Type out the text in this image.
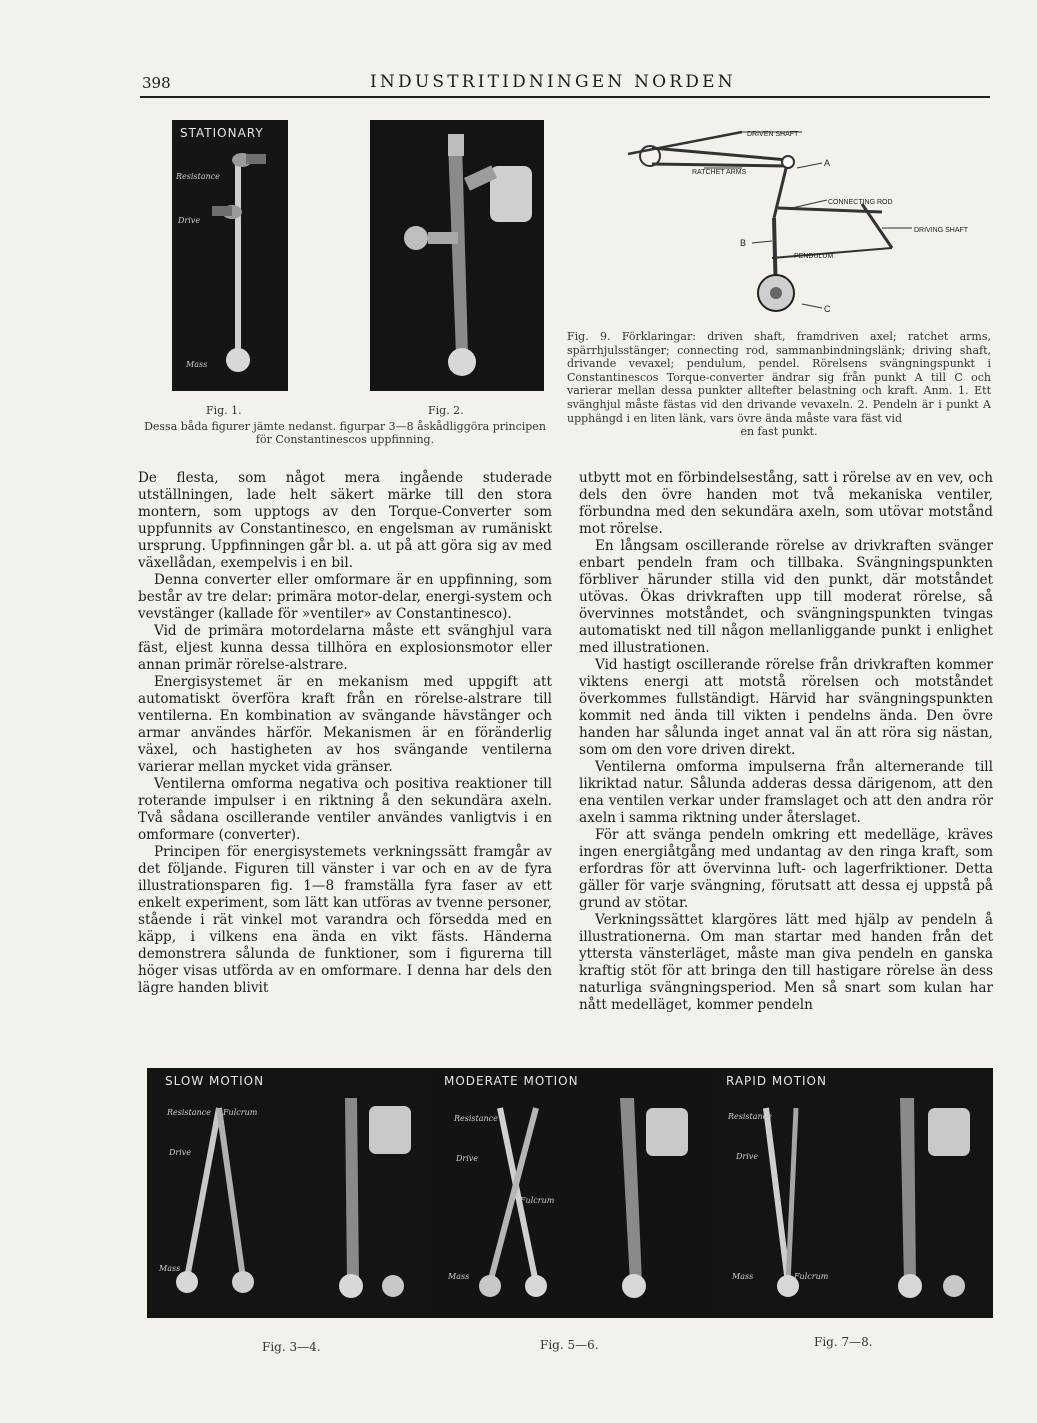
398	INDUSTRITIDNINGEN NORDEN
STATIONARY
Resistance
Drive
Mass
Fig. 1.	Fig. 2.
Dessa båda figurer jämte nedanst. figurpar 3—8 åskådliggöra principen för Constantinescos uppfinning.
DRIVEN SHAFT
RATCHET ARMS
A
CONNECTING ROD
DRIVING SHAFT
B
PENDULUM
C
Fig. 9. Förklaringar: driven shaft, framdriven axel; ratchet arms, spärrhjulsstänger; connecting rod, sammanbindningslänk; driving shaft, drivande vevaxel; pendulum, pendel. Rörelsens svängningspunkt i Constantinescos Torque-converter ändrar sig från punkt A till C och varierar mellan dessa punkter alltefter belastning och kraft. Anm. 1. Ett svänghjul måste fästas vid den drivande vevaxeln. 2. Pendeln är i punkt A upphängd i en liten länk, vars övre ända måste vara fäst vid
en fast punkt.

De flesta, som något mera ingående studerade utställningen, lade helt säkert märke till den stora montern, som upptogs av den Torque-Converter som uppfunnits av Constantinesco, en engelsman av rumäniskt ursprung. Uppfinningen går bl. a. ut på att göra sig av med växellådan, exempelvis i en bil.

Denna converter eller omformare är en uppfinning, som består av tre delar: primära motor-delar, energi-system och vevstänger (kallade för »ventiler» av Constantinesco).

Vid de primära motordelarna måste ett svänghjul vara fäst, eljest kunna dessa tillhöra en explosionsmotor eller annan primär rörelse-alstrare.

Energisystemet är en mekanism med uppgift att automatiskt överföra kraft från en rörelse-alstrare till ventilerna. En kombination av svängande hävstänger och armar användes härför. Mekanismen är en föränderlig växel, och hastigheten av hos svängande ventilerna varierar mellan mycket vida gränser.

Ventilerna omforma negativa och positiva reaktioner till roterande impulser i en riktning å den sekundära axeln. Två sådana oscillerande ventiler användes vanligtvis i en omformare (converter).

Principen för energisystemets verkningssätt framgår av det följande. Figuren till vänster i var och en av de fyra illustrationsparen fig. 1—8 framställa fyra faser av ett enkelt experiment, som lätt kan utföras av tvenne personer, stående i rät vinkel mot varandra och försedda med en käpp, i vilkens ena ända en vikt fästs. Händerna demonstrera sålunda de funktioner, som i figurerna till höger visas utförda av en omformare. I denna har dels den lägre handen blivit

utbytt mot en förbindelsestång, satt i rörelse av en vev, och dels den övre handen mot två mekaniska ventiler, förbundna med den sekundära axeln, som utövar motstånd mot rörelse.

En långsam oscillerande rörelse av drivkraften svänger enbart pendeln fram och tillbaka. Svängningspunkten förbliver härunder stilla vid den punkt, där motståndet utövas. Ökas drivkraften upp till moderat rörelse, så övervinnes motståndet, och svängningspunkten tvingas automatiskt ned till någon mellanliggande punkt i enlighet med illustrationen.

Vid hastigt oscillerande rörelse från drivkraften kommer viktens energi att motstå rörelsen och motståndet överkommes fullständigt. Härvid har svängningspunkten kommit ned ända till vikten i pendelns ända. Den övre handen har sålunda inget annat val än att röra sig nästan, som om den vore driven direkt.

Ventilerna omforma impulserna från alternerande till likriktad natur. Sålunda adderas dessa därigenom, att den ena ventilen verkar under framslaget och att den andra rör axeln i samma riktning under återslaget.

För att svänga pendeln omkring ett medelläge, kräves ingen energiåtgång med undantag av den ringa kraft, som erfordras för att övervinna luft- och lagerfriktioner. Detta gäller för varje svängning, förutsatt att dessa ej uppstå på grund av stötar.

Verkningssättet klargöres lätt med hjälp av pendeln å illustrationerna. Om man startar med handen från det yttersta vänsterläget, måste man giva pendeln en ganska kraftig stöt för att bringa den till hastigare rörelse än dess naturliga svängningsperiod. Men så snart som kulan har nått medelläget, kommer pendeln

SLOW MOTION
Resistance Fulcrum
Drive
Mass
MODERATE MOTION
Resistance
Drive
Fulcrum
Mass
RAPID MOTION
Resistance
Drive
Mass	Fulcrum
Fig. 3—4.	Fig. 5—6.	Fig. 7—8.
